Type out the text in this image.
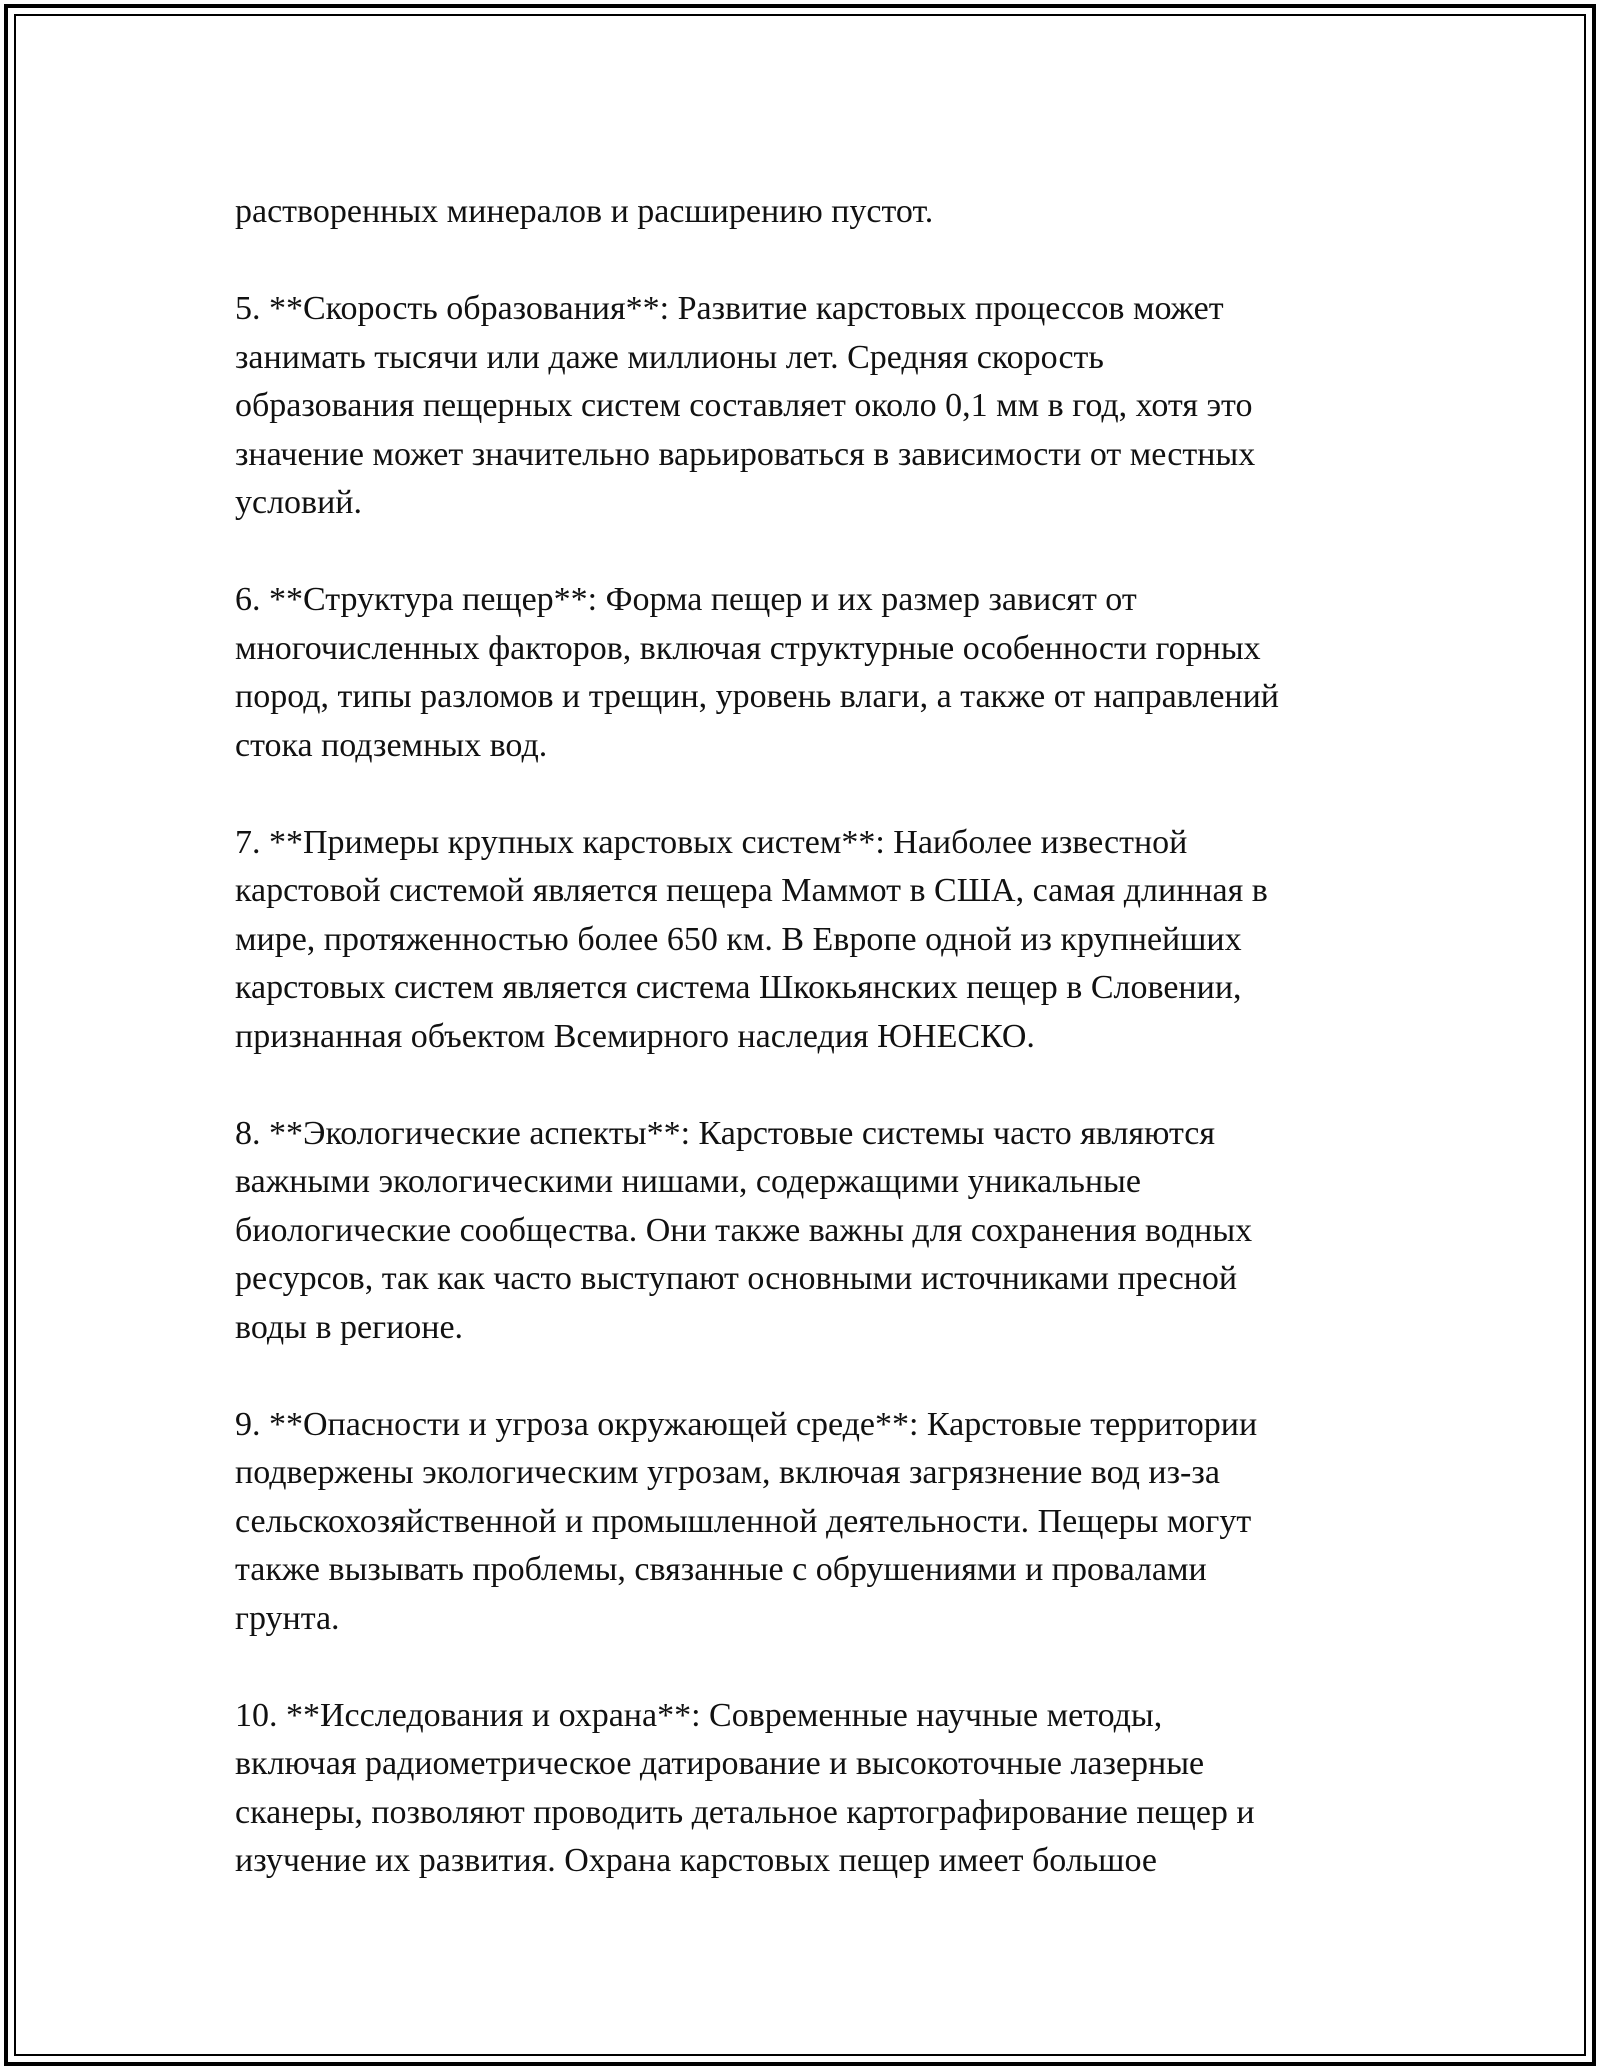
растворенных минералов и расширению пустот.

5. **Скорость образования**: Развитие карстовых процессов может
занимать тысячи или даже миллионы лет. Средняя скорость
образования пещерных систем составляет около 0,1 мм в год, хотя это
значение может значительно варьироваться в зависимости от местных
условий.

6. **Структура пещер**: Форма пещер и их размер зависят от
многочисленных факторов, включая структурные особенности горных
пород, типы разломов и трещин, уровень влаги, а также от направлений
стока подземных вод.

7. **Примеры крупных карстовых систем**: Наиболее известной
карстовой системой является пещера Маммот в США, самая длинная в
мире, протяженностью более 650 км. В Европе одной из крупнейших
карстовых систем является система Шкокьянских пещер в Словении,
признанная объектом Всемирного наследия ЮНЕСКО.

8. **Экологические аспекты**: Карстовые системы часто являются
важными экологическими нишами, содержащими уникальные
биологические сообщества. Они также важны для сохранения водных
ресурсов, так как часто выступают основными источниками пресной
воды в регионе.

9. **Опасности и угроза окружающей среде**: Карстовые территории
подвержены экологическим угрозам, включая загрязнение вод из-за
сельскохозяйственной и промышленной деятельности. Пещеры могут
также вызывать проблемы, связанные с обрушениями и провалами
грунта.

10. **Исследования и охрана**: Современные научные методы,
включая радиометрическое датирование и высокоточные лазерные
сканеры, позволяют проводить детальное картографирование пещер и
изучение их развития. Охрана карстовых пещер имеет большое
